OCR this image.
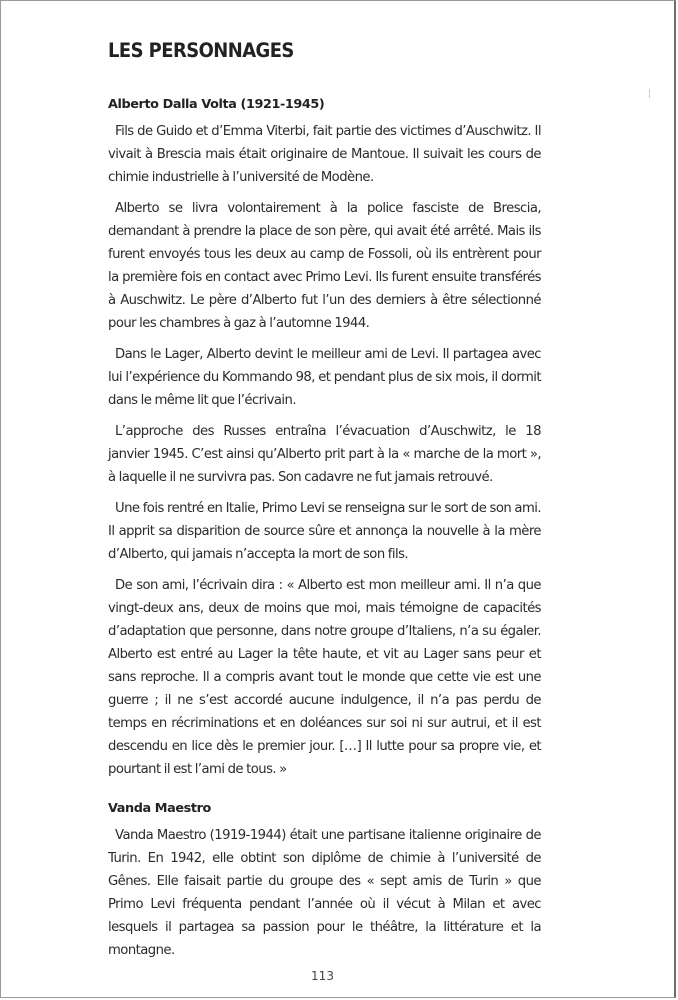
LES PERSONNAGES
Alberto Dalla Volta (1921-1945)

Fils de Guido et d’Emma Viterbi, fait partie des victimes d’Auschwitz. Il vivait à Brescia mais était originaire de Mantoue. Il suivait les cours de chimie industrielle à l’université de Modène.

Alberto se livra volontairement à la police fasciste de Brescia, demandant à prendre la place de son père, qui avait été arrêté. Mais ils furent envoyés tous les deux au camp de Fossoli, où ils entrèrent pour la première fois en contact avec Primo Levi. Ils furent ensuite transférés à Auschwitz. Le père d’Alberto fut l’un des derniers à être sélectionné pour les chambres à gaz à l’automne 1944.

Dans le Lager, Alberto devint le meilleur ami de Levi. Il partagea avec lui l’expérience du Kommando 98, et pendant plus de six mois, il dormit dans le même lit que l’écrivain.

L’approche des Russes entraîna l’évacuation d’Auschwitz, le 18 janvier 1945. C’est ainsi qu’Alberto prit part à la « marche de la mort », à laquelle il ne survivra pas. Son cadavre ne fut jamais retrouvé.

Une fois rentré en Italie, Primo Levi se renseigna sur le sort de son ami. Il apprit sa disparition de source sûre et annonça la nouvelle à la mère d’Alberto, qui jamais n’accepta la mort de son fils.

De son ami, l’écrivain dira : « Alberto est mon meilleur ami. Il n’a que vingt-deux ans, deux de moins que moi, mais témoigne de capacités d’adaptation que personne, dans notre groupe d’Italiens, n’a su égaler. Alberto est entré au Lager la tête haute, et vit au Lager sans peur et sans reproche. Il a compris avant tout le monde que cette vie est une guerre ; il ne s’est accordé aucune indulgence, il n’a pas perdu de temps en récriminations et en doléances sur soi ni sur autrui, et il est descendu en lice dès le premier jour. […] Il lutte pour sa propre vie, et pourtant il est l’ami de tous. »

Vanda Maestro

Vanda Maestro (1919-1944) était une partisane italienne originaire de Turin. En 1942, elle obtint son diplôme de chimie à l’université de Gênes. Elle faisait partie du groupe des « sept amis de Turin » que Primo Levi fréquenta pendant l’année où il vécut à Milan et avec lesquels il partagea sa passion pour le théâtre, la littérature et la montagne.

113
